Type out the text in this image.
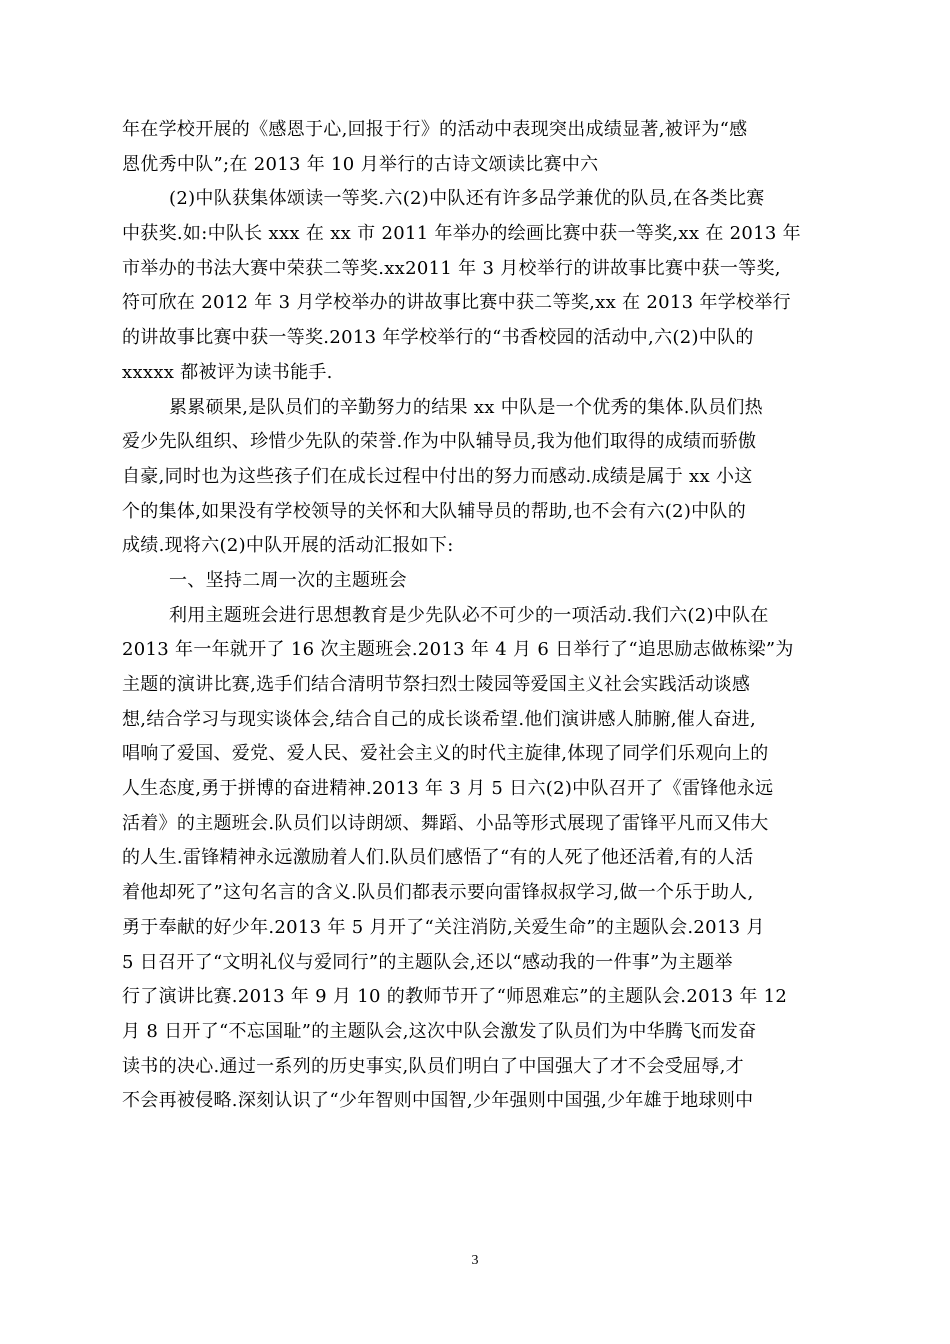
年在学校开展的《感恩于心,回报于行》的活动中表现突出成绩显著,被评为“感
恩优秀中队”;在 2013 年 10 月举行的古诗文颂读比赛中六
(2)中队获集体颂读一等奖.六(2)中队还有许多品学兼优的队员,在各类比赛
中获奖.如:中队长 xxx 在 xx 市 2011 年举办的绘画比赛中获一等奖,xx 在 2013 年
市举办的书法大赛中荣获二等奖.xx2011 年 3 月校举行的讲故事比赛中获一等奖,
符可欣在 2012 年 3 月学校举办的讲故事比赛中获二等奖,xx 在 2013 年学校举行
的讲故事比赛中获一等奖.2013 年学校举行的“书香校园的活动中,六(2)中队的
xxxxx 都被评为读书能手.
累累硕果,是队员们的辛勤努力的结果 xx 中队是一个优秀的集体.队员们热
爱少先队组织、珍惜少先队的荣誉.作为中队辅导员,我为他们取得的成绩而骄傲
自豪,同时也为这些孩子们在成长过程中付出的努力而感动.成绩是属于 xx 小这
个的集体,如果没有学校领导的关怀和大队辅导员的帮助,也不会有六(2)中队的
成绩.现将六(2)中队开展的活动汇报如下:
一、坚持二周一次的主题班会
利用主题班会进行思想教育是少先队必不可少的一项活动.我们六(2)中队在
2013 年一年就开了 16 次主题班会.2013 年 4 月 6 日举行了“追思励志做栋梁”为
主题的演讲比赛,选手们结合清明节祭扫烈士陵园等爱国主义社会实践活动谈感
想,结合学习与现实谈体会,结合自己的成长谈希望.他们演讲感人肺腑,催人奋进,
唱响了爱国、爱党、爱人民、爱社会主义的时代主旋律,体现了同学们乐观向上的
人生态度,勇于拼博的奋进精神.2013 年 3 月 5 日六(2)中队召开了《雷锋他永远
活着》的主题班会.队员们以诗朗颂、舞蹈、小品等形式展现了雷锋平凡而又伟大
的人生.雷锋精神永远激励着人们.队员们感悟了“有的人死了他还活着,有的人活
着他却死了”这句名言的含义.队员们都表示要向雷锋叔叔学习,做一个乐于助人,
勇于奉献的好少年.2013 年 5 月开了“关注消防,关爱生命”的主题队会.2013 月
5 日召开了“文明礼仪与爱同行”的主题队会,还以“感动我的一件事”为主题举
行了演讲比赛.2013 年 9 月 10 的教师节开了“师恩难忘”的主题队会.2013 年 12
月 8 日开了“不忘国耻”的主题队会,这次中队会激发了队员们为中华腾飞而发奋
读书的决心.通过一系列的历史事实,队员们明白了中国强大了才不会受屈辱,才
不会再被侵略.深刻认识了“少年智则中国智,少年强则中国强,少年雄于地球则中
3
